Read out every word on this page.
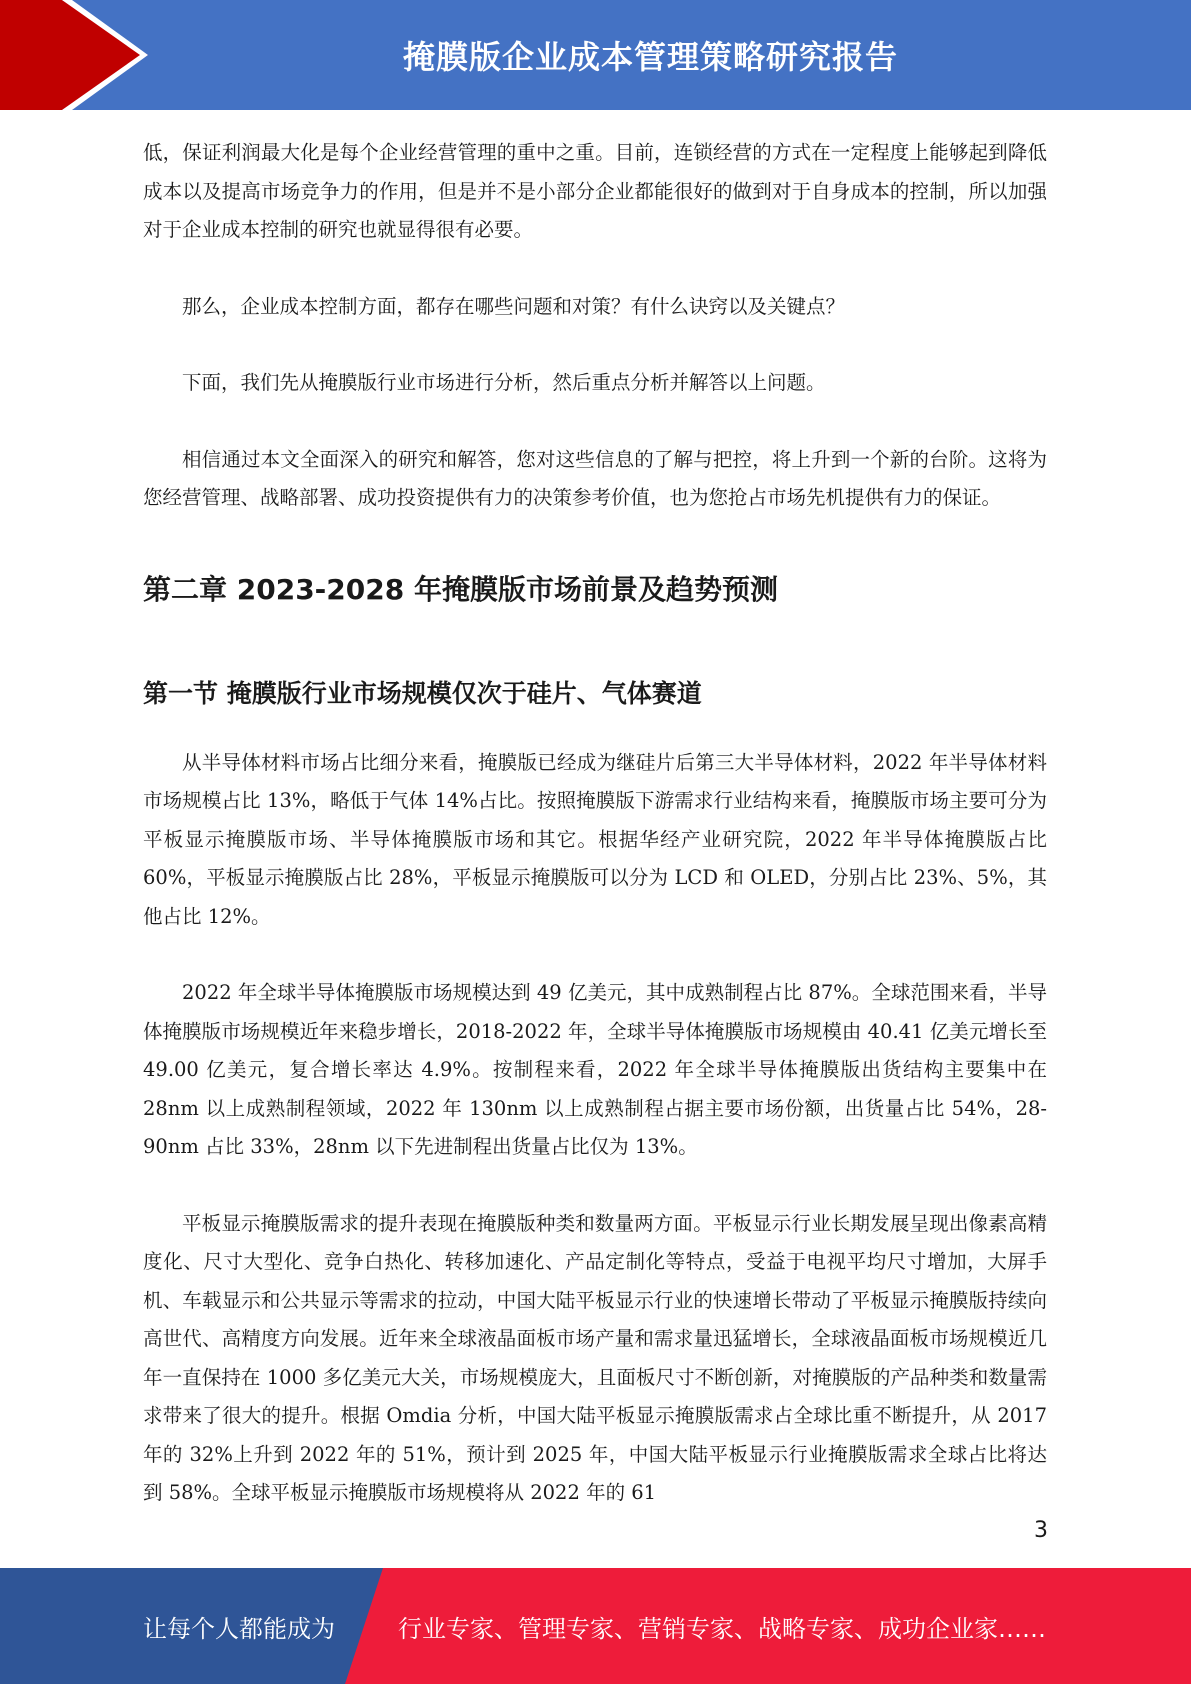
掩膜版企业成本管理策略研究报告

低，保证利润最大化是每个企业经营管理的重中之重。目前，连锁经营的方式在一定程度上能够起到降低成本以及提高市场竞争力的作用，但是并不是小部分企业都能很好的做到对于自身成本的控制，所以加强对于企业成本控制的研究也就显得很有必要。

那么，企业成本控制方面，都存在哪些问题和对策？有什么诀窍以及关键点？

下面，我们先从掩膜版行业市场进行分析，然后重点分析并解答以上问题。

相信通过本文全面深入的研究和解答，您对这些信息的了解与把控，将上升到一个新的台阶。这将为您经营管理、战略部署、成功投资提供有力的决策参考价值，也为您抢占市场先机提供有力的保证。

第二章 2023-2028 年掩膜版市场前景及趋势预测
第一节 掩膜版行业市场规模仅次于硅片、气体赛道

从半导体材料市场占比细分来看，掩膜版已经成为继硅片后第三大半导体材料，2022 年半导体材料市场规模占比 13%，略低于气体 14%占比。按照掩膜版下游需求行业结构来看，掩膜版市场主要可分为平板显示掩膜版市场、半导体掩膜版市场和其它。根据华经产业研究院，2022 年半导体掩膜版占比 60%，平板显示掩膜版占比 28%，平板显示掩膜版可以分为 LCD 和 OLED，分别占比 23%、5%，其他占比 12%。

2022 年全球半导体掩膜版市场规模达到 49 亿美元，其中成熟制程占比 87%。全球范围来看，半导体掩膜版市场规模近年来稳步增长，2018-2022 年，全球半导体掩膜版市场规模由 40.41 亿美元增长至 49.00 亿美元，复合增长率达 4.9%。按制程来看，2022 年全球半导体掩膜版出货结构主要集中在 28nm 以上成熟制程领域，2022 年 130nm 以上成熟制程占据主要市场份额，出货量占比 54%，28-90nm 占比 33%，28nm 以下先进制程出货量占比仅为 13%。

平板显示掩膜版需求的提升表现在掩膜版种类和数量两方面。平板显示行业长期发展呈现出像素高精度化、尺寸大型化、竞争白热化、转移加速化、产品定制化等特点，受益于电视平均尺寸增加，大屏手机、车载显示和公共显示等需求的拉动，中国大陆平板显示行业的快速增长带动了平板显示掩膜版持续向高世代、高精度方向发展。近年来全球液晶面板市场产量和需求量迅猛增长，全球液晶面板市场规模近几年一直保持在 1000 多亿美元大关，市场规模庞大，且面板尺寸不断创新，对掩膜版的产品种类和数量需求带来了很大的提升。根据 Omdia 分析，中国大陆平板显示掩膜版需求占全球比重不断提升，从 2017 年的 32%上升到 2022 年的 51%，预计到 2025 年，中国大陆平板显示行业掩膜版需求全球占比将达到 58%。全球平板显示掩膜版市场规模将从 2022 年的 61

3
让每个人都能成为	行业专家、管理专家、营销专家、战略专家、成功企业家……
